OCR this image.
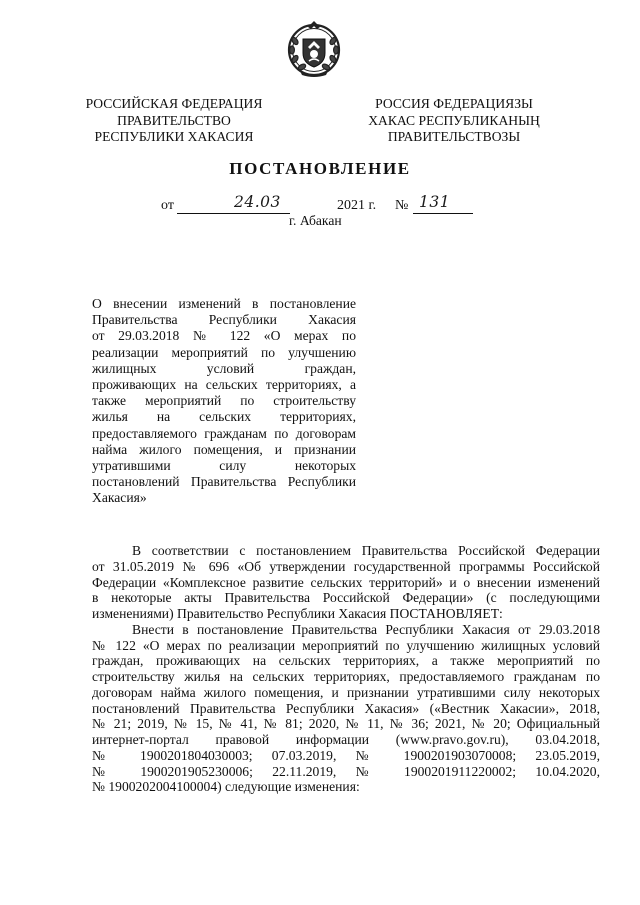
РОССИЙСКАЯ ФЕДЕРАЦИЯ
ПРАВИТЕЛЬСТВО
РЕСПУБЛИКИ ХАКАСИЯ
РОССИЯ ФЕДЕРАЦИЯЗЫ
ХАКАС РЕСПУБЛИКАНЫҢ
ПРАВИТЕЛЬСТВОЗЫ
ПОСТАНОВЛЕНИЕ
от	24.03	2021 г. № 131
г. Абакан
О внесении изменений в постановление
Правительства Республики Хакасия
от 29.03.2018 № 122 «О мерах по
реализации мероприятий по улучшению
жилищных условий граждан,
проживающих на сельских территориях, а
также мероприятий по строительству
жилья на сельских территориях,
предоставляемого гражданам по договорам
найма жилого помещения, и признании
утратившими силу некоторых
постановлений Правительства Республики
Хакасия»
В соответствии с постановлением Правительства Российской Федерации
от 31.05.2019 № 696 «Об утверждении государственной программы Российской
Федерации «Комплексное развитие сельских территорий» и о внесении изменений
в некоторые акты Правительства Российской Федерации» (с последующими
изменениями) Правительство Республики Хакасия ПОСТАНОВЛЯЕТ:
Внести в постановление Правительства Республики Хакасия от 29.03.2018
№ 122 «О мерах по реализации мероприятий по улучшению жилищных условий
граждан, проживающих на сельских территориях, а также мероприятий по
строительству жилья на сельских территориях, предоставляемого гражданам по
договорам найма жилого помещения, и признании утратившими силу некоторых
постановлений Правительства Республики Хакасия» («Вестник Хакасии», 2018,
№ 21; 2019, № 15, № 41, № 81; 2020, № 11, № 36; 2021, № 20; Официальный
интернет-портал правовой информации (www.pravo.gov.ru), 03.04.2018,
№ 1900201804030003; 07.03.2019, № 1900201903070008; 23.05.2019,
№ 1900201905230006; 22.11.2019, № 1900201911220002; 10.04.2020,
№ 1900202004100004) следующие изменения:
